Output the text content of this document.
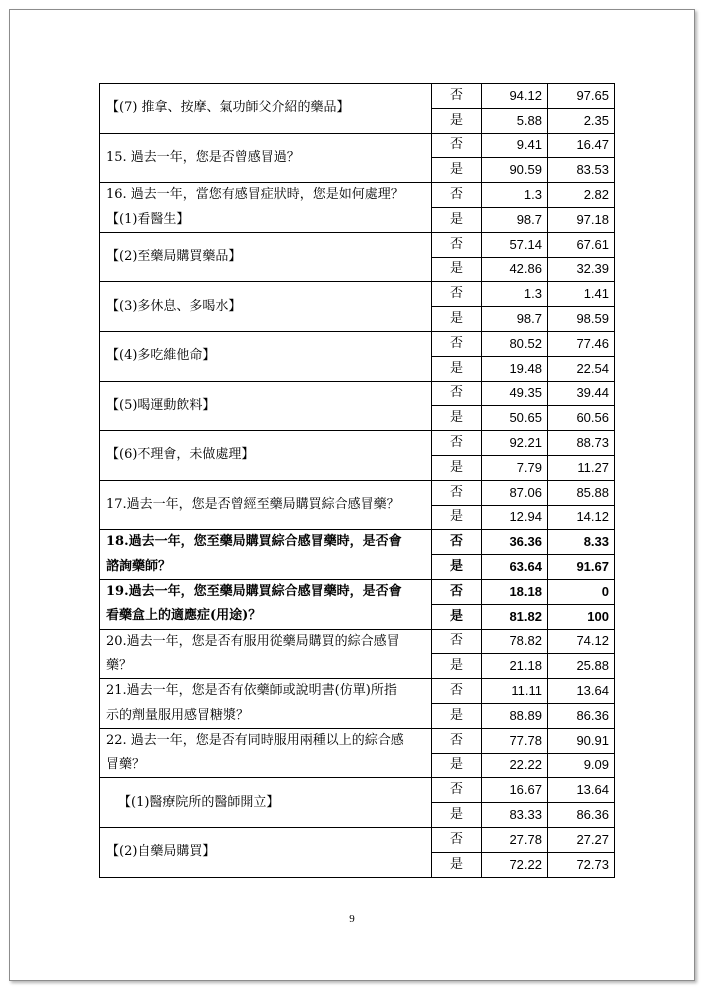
【(7) 推拿、按摩、氣功師父介紹的藥品】	否	94.12	97.65
	是	5.88	2.35
15. 過去一年，您是否曾感冒過？	否	9.41	16.47
	是	90.59	83.53
16. 過去一年，當您有感冒症狀時，您是如何處理？	否	1.3	2.82
【(1)看醫生】	是	98.7	97.18
【(2)至藥局購買藥品】	否	57.14	67.61
	是	42.86	32.39
【(3)多休息、多喝水】	否	1.3	1.41
	是	98.7	98.59
【(4)多吃維他命】	否	80.52	77.46
	是	19.48	22.54
【(5)喝運動飲料】	否	49.35	39.44
	是	50.65	60.56
【(6)不理會，未做處理】	否	92.21	88.73
	是	7.79	11.27
17.過去一年，您是否曾經至藥局購買綜合感冒藥？	否	87.06	85.88
	是	12.94	14.12
18.過去一年，您至藥局購買綜合感冒藥時，是否會	否	36.36	8.33
諮詢藥師？	是	63.64	91.67
19.過去一年，您至藥局購買綜合感冒藥時，是否會	否	18.18	0
看藥盒上的適應症(用途)？	是	81.82	100
20.過去一年，您是否有服用從藥局購買的綜合感冒	否	78.82	74.12
藥？	是	21.18	25.88
21.過去一年，您是否有依藥師或說明書(仿單)所指	否	11.11	13.64
示的劑量服用感冒糖漿？	是	88.89	86.36
22. 過去一年，您是否有同時服用兩種以上的綜合感	否	77.78	90.91
冒藥？	是	22.22	9.09
【(1)醫療院所的醫師開立】	否	16.67	13.64
	是	83.33	86.36
【(2)自藥局購買】	否	27.78	27.27
	是	72.22	72.73
9
